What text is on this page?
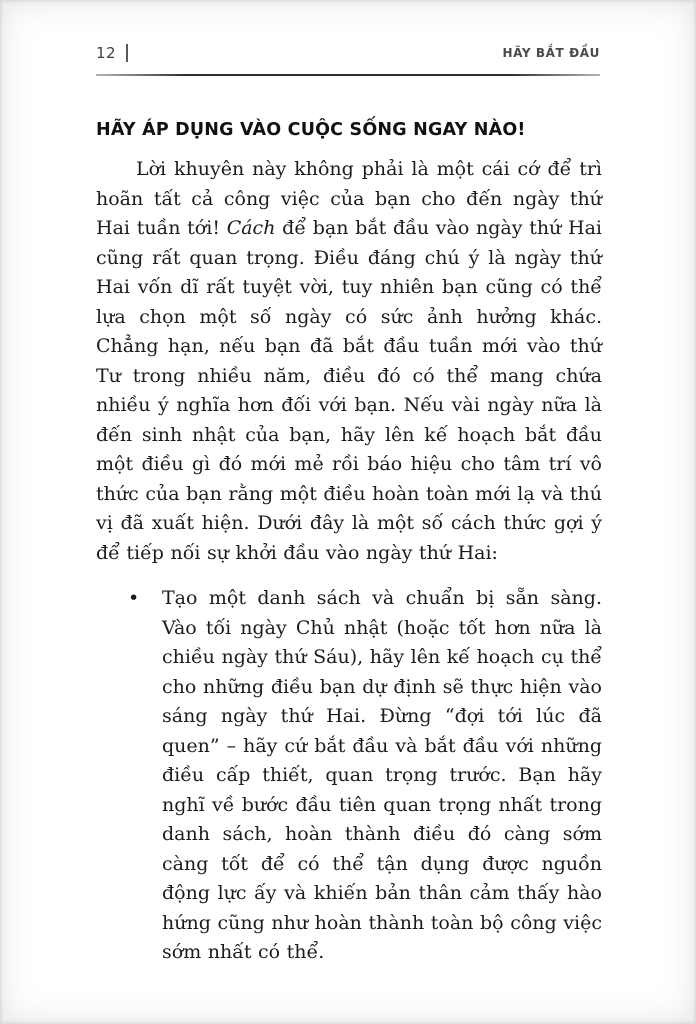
12	HÃY BẮT ĐẦU
HÃY ÁP DỤNG VÀO CUỘC SỐNG NGAY NÀO!

Lời khuyên này không phải là một cái cớ để trì hoãn tất cả công việc của bạn cho đến ngày thứ Hai tuần tới! Cách để bạn bắt đầu vào ngày thứ Hai cũng rất quan trọng. Điều đáng chú ý là ngày thứ Hai vốn dĩ rất tuyệt vời, tuy nhiên bạn cũng có thể lựa chọn một số ngày có sức ảnh hưởng khác. Chẳng hạn, nếu bạn đã bắt đầu tuần mới vào thứ Tư trong nhiều năm, điều đó có thể mang chứa nhiều ý nghĩa hơn đối với bạn. Nếu vài ngày nữa là đến sinh nhật của bạn, hãy lên kế hoạch bắt đầu một điều gì đó mới mẻ rồi báo hiệu cho tâm trí vô thức của bạn rằng một điều hoàn toàn mới lạ và thú vị đã xuất hiện. Dưới đây là một số cách thức gợi ý để tiếp nối sự khởi đầu vào ngày thứ Hai:

• Tạo một danh sách và chuẩn bị sẵn sàng. Vào tối ngày Chủ nhật (hoặc tốt hơn nữa là chiều ngày thứ Sáu), hãy lên kế hoạch cụ thể cho những điều bạn dự định sẽ thực hiện vào sáng ngày thứ Hai. Đừng “đợi tới lúc đã quen” – hãy cứ bắt đầu và bắt đầu với những điều cấp thiết, quan trọng trước. Bạn hãy nghĩ về bước đầu tiên quan trọng nhất trong danh sách, hoàn thành điều đó càng sớm càng tốt để có thể tận dụng được nguồn động lực ấy và khiến bản thân cảm thấy hào hứng cũng như hoàn thành toàn bộ công việc sớm nhất có thể.
